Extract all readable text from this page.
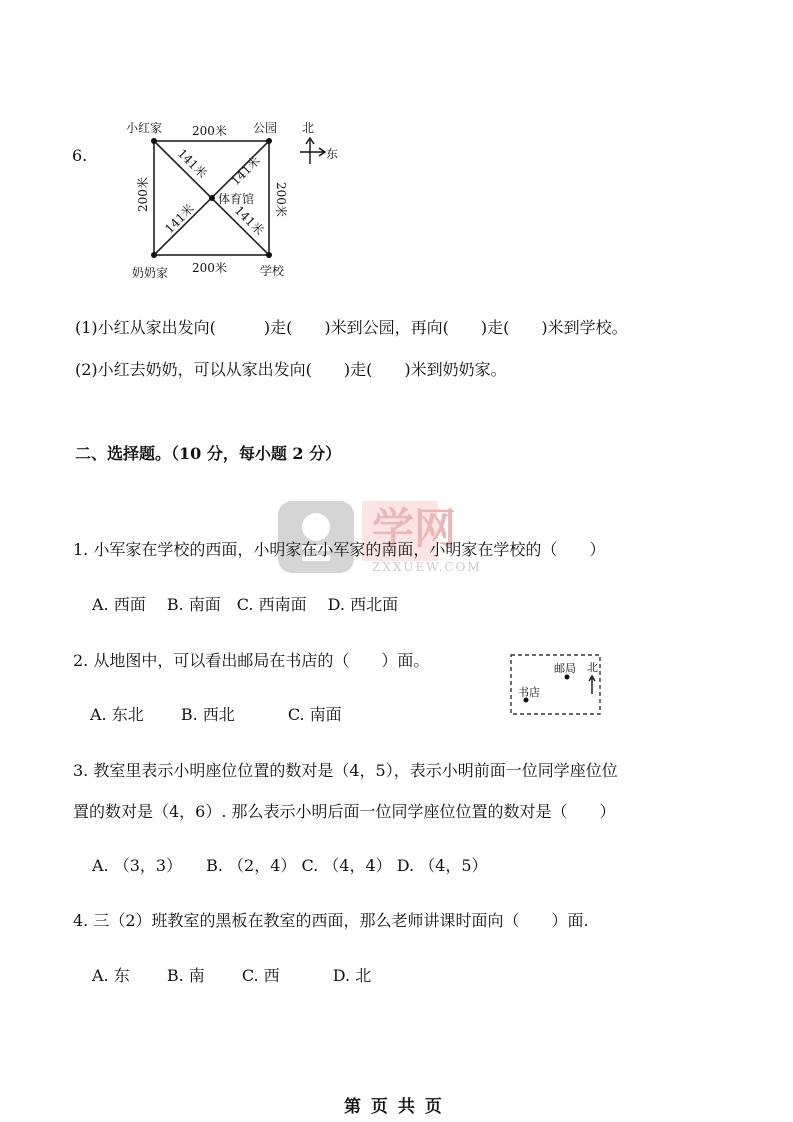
6.
小红家 200米 公园
奶奶家 200米	学校
体育馆
200米	200米
141米 141米
141米	141米
北
东
(1)小红从家出发向(　　　)走(　　)米到公园，再向(　　)走(　　)米到学校。
(2)小红去奶奶，可以从家出发向(　　)走(　　)米到奶奶家。
二、选择题。（10 分，每小题 2 分）
学网
ZXXUEW.COM
1. 小军家在学校的西面，小明家在小军家的南面，小明家在学校的（　　）
A. 西面　 B. 南面　C. 西南面　 D. 西北面
2. 从地图中，可以看出邮局在书店的（　　）面。
A. 东北　　 B. 西北　　　 C. 南面
邮局
书店
北
3. 教室里表示小明座位位置的数对是（4，5），表示小明前面一位同学座位位
置的数对是（4，6）. 那么表示小明后面一位同学座位位置的数对是（　　）
A. （3，3）　　B. （2，4） C. （4，4） D. （4，5）
4. 三（2）班教室的黑板在教室的西面，那么老师讲课时面向（　　）面.
A. 东　　 B. 南　　 C. 西　　　 D. 北
第 页 共 页
